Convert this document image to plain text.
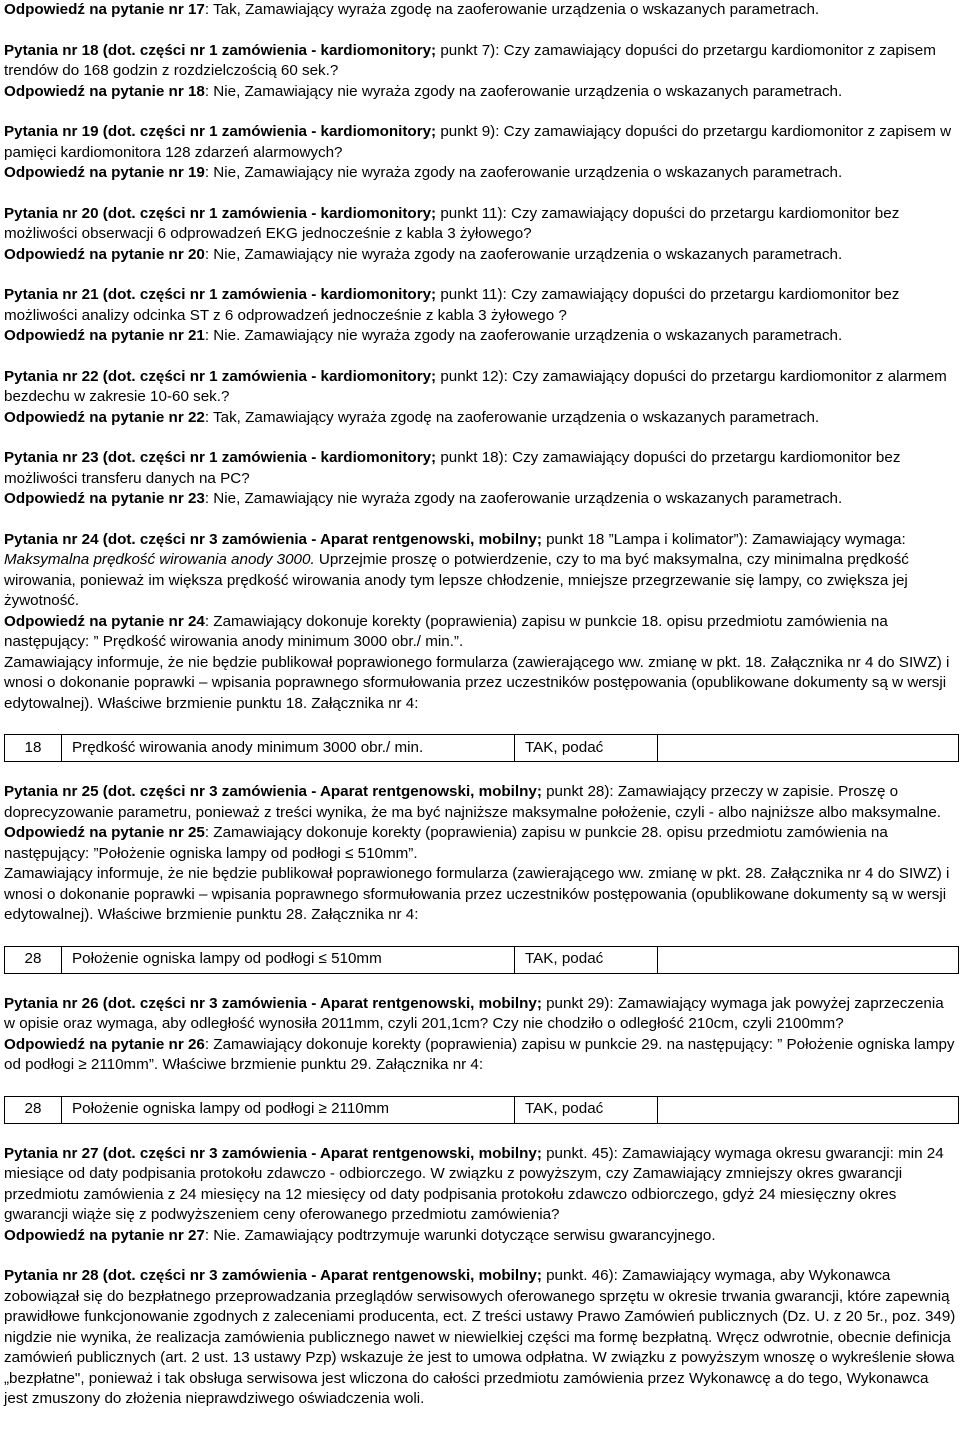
Odpowiedź na pytanie nr 17: Tak, Zamawiający wyraża zgodę na zaoferowanie urządzenia o wskazanych parametrach.

Pytania nr 18 (dot. części nr 1 zamówienia - kardiomonitory; punkt 7): Czy zamawiający dopuści do przetargu kardiomonitor z zapisem trendów do 168 godzin z rozdzielczością 60 sek.?

Odpowiedź na pytanie nr 18: Nie, Zamawiający nie wyraża zgody na zaoferowanie urządzenia o wskazanych parametrach.

Pytania nr 19 (dot. części nr 1 zamówienia - kardiomonitory; punkt 9): Czy zamawiający dopuści do przetargu kardiomonitor z zapisem w pamięci kardiomonitora 128 zdarzeń alarmowych?

Odpowiedź na pytanie nr 19: Nie, Zamawiający nie wyraża zgody na zaoferowanie urządzenia o wskazanych parametrach.

Pytania nr 20 (dot. części nr 1 zamówienia - kardiomonitory; punkt 11): Czy zamawiający dopuści do przetargu kardiomonitor bez możliwości obserwacji 6 odprowadzeń EKG jednocześnie z kabla 3 żyłowego?

Odpowiedź na pytanie nr 20: Nie, Zamawiający nie wyraża zgody na zaoferowanie urządzenia o wskazanych parametrach.

Pytania nr 21 (dot. części nr 1 zamówienia - kardiomonitory; punkt 11): Czy zamawiający dopuści do przetargu kardiomonitor bez możliwości analizy odcinka ST z 6 odprowadzeń jednocześnie z kabla 3 żyłowego ?

Odpowiedź na pytanie nr 21: Nie. Zamawiający nie wyraża zgody na zaoferowanie urządzenia o wskazanych parametrach.

Pytania nr 22 (dot. części nr 1 zamówienia - kardiomonitory; punkt 12): Czy zamawiający dopuści do przetargu kardiomonitor z alarmem bezdechu w zakresie 10-60 sek.?

Odpowiedź na pytanie nr 22: Tak, Zamawiający wyraża zgodę na zaoferowanie urządzenia o wskazanych parametrach.

Pytania nr 23 (dot. części nr 1 zamówienia - kardiomonitory; punkt 18): Czy zamawiający dopuści do przetargu kardiomonitor bez możliwości transferu danych na PC?

Odpowiedź na pytanie nr 23: Nie, Zamawiający nie wyraża zgody na zaoferowanie urządzenia o wskazanych parametrach.

Pytania nr 24 (dot. części nr 3 zamówienia - Aparat rentgenowski, mobilny; punkt 18 ”Lampa i kolimator”): Zamawiający wymaga: Maksymalna prędkość wirowania anody 3000. Uprzejmie proszę o potwierdzenie, czy to ma być maksymalna, czy minimalna prędkość wirowania, ponieważ im większa prędkość wirowania anody tym lepsze chłodzenie, mniejsze przegrzewanie się lampy, co zwiększa jej żywotność.

Odpowiedź na pytanie nr 24: Zamawiający dokonuje korekty (poprawienia) zapisu w punkcie 18. opisu przedmiotu zamówienia na następujący: ” Prędkość wirowania anody minimum 3000 obr./ min.”.

Zamawiający informuje, że nie będzie publikował poprawionego formularza (zawierającego ww. zmianę w pkt. 18. Załącznika nr 4 do SIWZ) i wnosi o dokonanie poprawki – wpisania poprawnego sformułowania przez uczestników postępowania (opublikowane dokumenty są w wersji edytowalnej). Właściwe brzmienie punktu 18. Załącznika nr 4:

18	Prędkość wirowania anody minimum 3000 obr./ min.	TAK, podać	

Pytania nr 25 (dot. części nr 3 zamówienia - Aparat rentgenowski, mobilny; punkt 28): Zamawiający przeczy w zapisie. Proszę o doprecyzowanie parametru, ponieważ z treści wynika, że ma być najniższe maksymalne położenie, czyli - albo najniższe albo maksymalne.

Odpowiedź na pytanie nr 25: Zamawiający dokonuje korekty (poprawienia) zapisu w punkcie 28. opisu przedmiotu zamówienia na następujący: ”Położenie ogniska lampy od podłogi ≤ 510mm”.

Zamawiający informuje, że nie będzie publikował poprawionego formularza (zawierającego ww. zmianę w pkt. 28. Załącznika nr 4 do SIWZ) i wnosi o dokonanie poprawki – wpisania poprawnego sformułowania przez uczestników postępowania (opublikowane dokumenty są w wersji edytowalnej). Właściwe brzmienie punktu 28. Załącznika nr 4:

28	Położenie ogniska lampy od podłogi ≤ 510mm	TAK, podać	

Pytania nr 26 (dot. części nr 3 zamówienia - Aparat rentgenowski, mobilny; punkt 29): Zamawiający wymaga jak powyżej zaprzeczenia w opisie oraz wymaga, aby odległość wynosiła 2011mm, czyli 201,1cm? Czy nie chodziło o odległość 210cm, czyli 2100mm?

Odpowiedź na pytanie nr 26: Zamawiający dokonuje korekty (poprawienia) zapisu w punkcie 29. na następujący: ” Położenie ogniska lampy od podłogi ≥ 2110mm”. Właściwe brzmienie punktu 29. Załącznika nr 4:

28	Położenie ogniska lampy od podłogi ≥ 2110mm	TAK, podać	

Pytania nr 27 (dot. części nr 3 zamówienia - Aparat rentgenowski, mobilny; punkt. 45): Zamawiający wymaga okresu gwarancji: min 24 miesiące od daty podpisania protokołu zdawczo - odbiorczego. W związku z powyższym, czy Zamawiający zmniejszy okres gwarancji przedmiotu zamówienia z 24 miesięcy na 12 miesięcy od daty podpisania protokołu zdawczo odbiorczego, gdyż 24 miesięczny okres gwarancji wiąże się z podwyższeniem ceny oferowanego przedmiotu zamówienia?

Odpowiedź na pytanie nr 27: Nie. Zamawiający podtrzymuje warunki dotyczące serwisu gwarancyjnego.

Pytania nr 28 (dot. części nr 3 zamówienia - Aparat rentgenowski, mobilny; punkt. 46): Zamawiający wymaga, aby Wykonawca zobowiązał się do bezpłatnego przeprowadzania przeglądów serwisowych oferowanego sprzętu w okresie trwania gwarancji, które zapewnią prawidłowe funkcjonowanie zgodnych z zaleceniami producenta, ect. Z treści ustawy Prawo Zamówień publicznych (Dz. U. z 20 5r., poz. 349) nigdzie nie wynika, że realizacja zamówienia publicznego nawet w niewielkiej części ma formę bezpłatną. Wręcz odwrotnie, obecnie definicja zamówień publicznych (art. 2 ust. 13 ustawy Pzp) wskazuje że jest to umowa odpłatna. W związku z powyższym wnoszę o wykreślenie słowa „bezpłatne", ponieważ i tak obsługa serwisowa jest wliczona do całości przedmiotu zamówienia przez Wykonawcę a do tego, Wykonawca jest zmuszony do złożenia nieprawdziwego oświadczenia woli.
